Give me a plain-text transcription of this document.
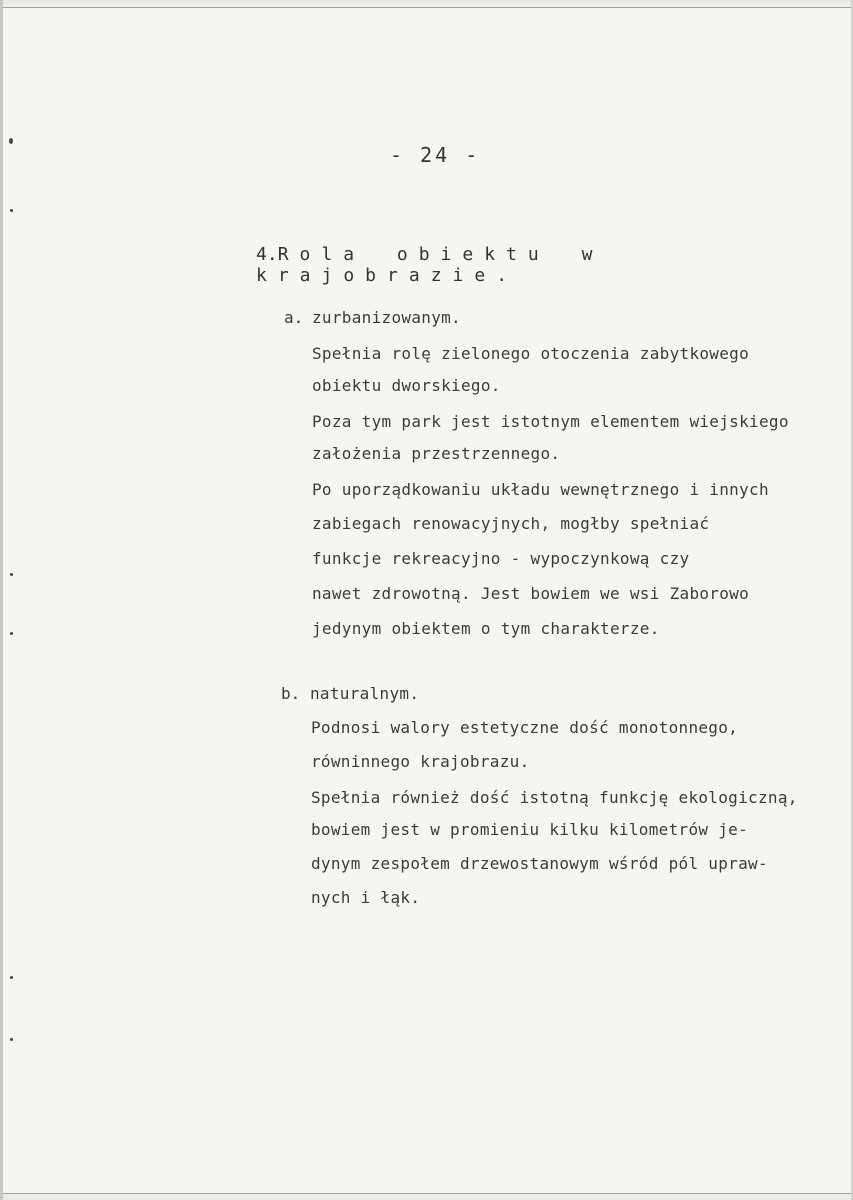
- 24 -
4.Rola obiektu w krajobrazie.
a. zurbanizowanym.
Spełnia rolę zielonego otoczenia zabytkowego
obiektu dworskiego.
Poza tym park jest istotnym elementem wiejskiego
założenia przestrzennego.
Po uporządkowaniu układu wewnętrznego i innych
zabiegach renowacyjnych, mogłby spełniać
funkcje rekreacyjno - wypoczynkową czy
nawet zdrowotną. Jest bowiem we wsi Zaborowo
jedynym obiektem o tym charakterze.
b. naturalnym.
Podnosi walory estetyczne dość monotonnego,
równinnego krajobrazu.
Spełnia również dość istotną funkcję ekologiczną,
bowiem jest w promieniu kilku kilometrów je-
dynym zespołem drzewostanowym wśród pól upraw-
nych i łąk.
